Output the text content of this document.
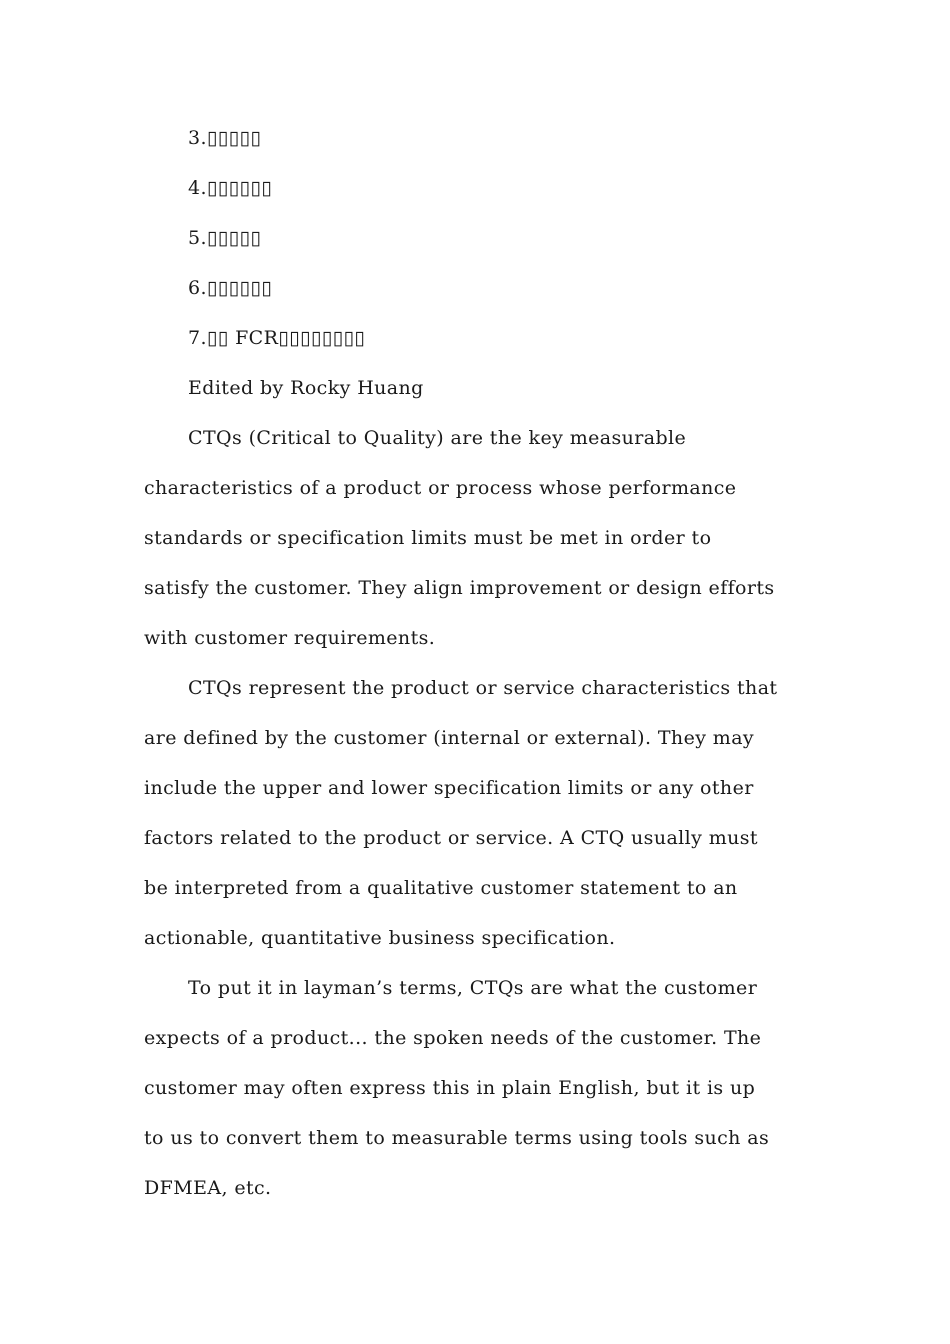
3.▯▯▯▯▯
4.▯▯▯▯▯▯
5.▯▯▯▯▯
6.▯▯▯▯▯▯
7.▯▯ FCR▯▯▯▯▯▯▯▯
Edited by Rocky Huang
CTQs (Critical to Quality) are the key measurable
characteristics of a product or process whose performance
standards or specification limits must be met in order to
satisfy the customer. They align improvement or design efforts
with customer requirements.
CTQs represent the product or service characteristics that
are defined by the customer (internal or external). They may
include the upper and lower specification limits or any other
factors related to the product or service. A CTQ usually must
be interpreted from a qualitative customer statement to an
actionable, quantitative business specification.
To put it in layman’s terms, CTQs are what the customer
expects of a product... the spoken needs of the customer. The
customer may often express this in plain English, but it is up
to us to convert them to measurable terms using tools such as
DFMEA, etc.
